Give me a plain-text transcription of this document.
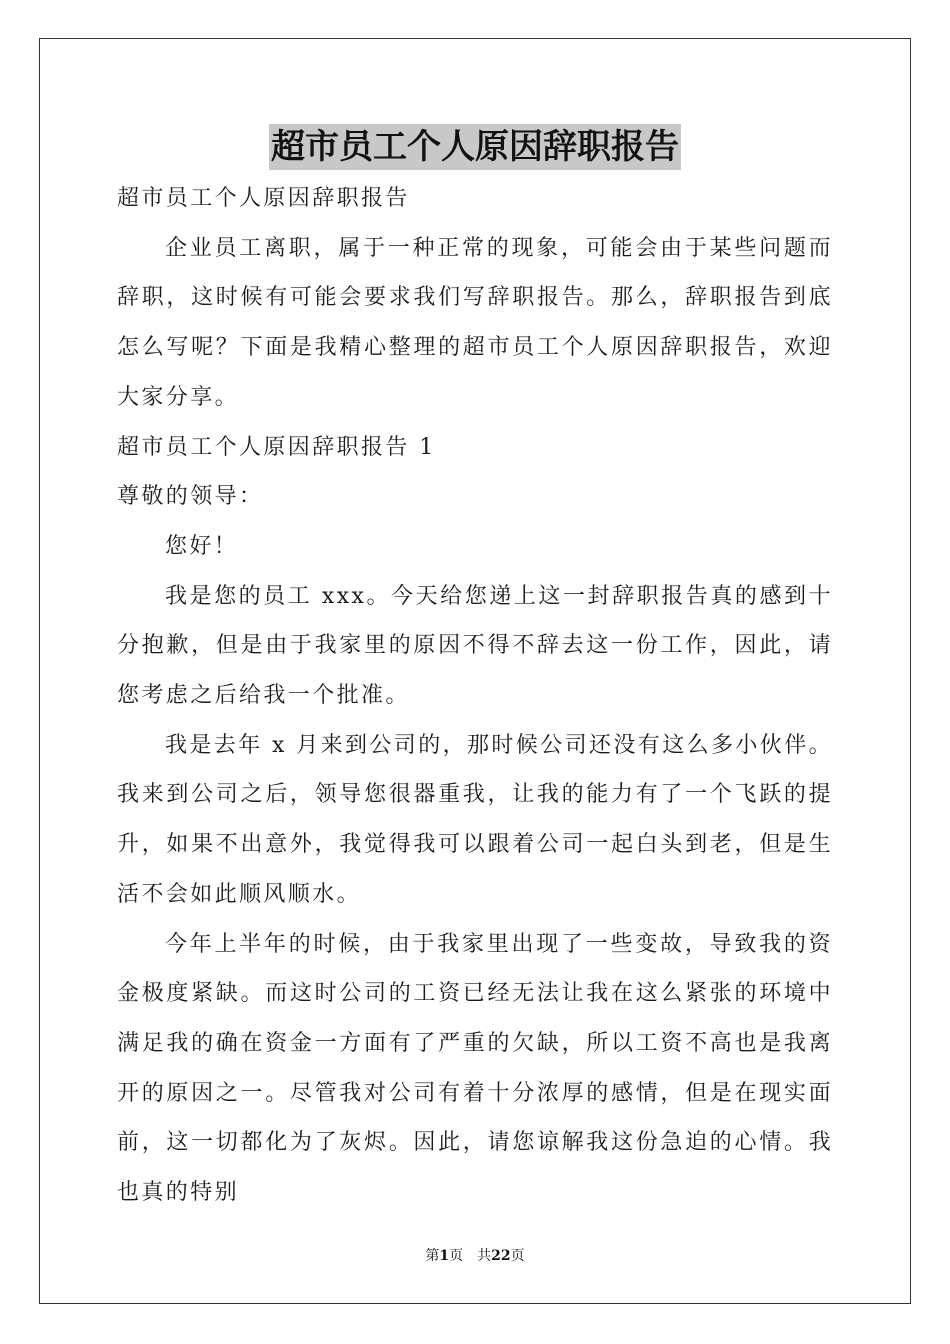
超市员工个人原因辞职报告

超市员工个人原因辞职报告

企业员工离职，属于一种正常的现象，可能会由于某些问题而辞职，这时候有可能会要求我们写辞职报告。那么，辞职报告到底怎么写呢？下面是我精心整理的超市员工个人原因辞职报告，欢迎大家分享。

超市员工个人原因辞职报告 1

尊敬的领导：

您好！

我是您的员工 xxx。今天给您递上这一封辞职报告真的感到十分抱歉，但是由于我家里的原因不得不辞去这一份工作，因此，请您考虑之后给我一个批准。

我是去年 x 月来到公司的，那时候公司还没有这么多小伙伴。我来到公司之后，领导您很器重我，让我的能力有了一个飞跃的提升，如果不出意外，我觉得我可以跟着公司一起白头到老，但是生活不会如此顺风顺水。

今年上半年的时候，由于我家里出现了一些变故，导致我的资金极度紧缺。而这时公司的工资已经无法让我在这么紧张的环境中满足我的确在资金一方面有了严重的欠缺，所以工资不高也是我离开的原因之一。尽管我对公司有着十分浓厚的感情，但是在现实面前，这一切都化为了灰烬。因此，请您谅解我这份急迫的心情。我也真的特别

第1页 共22页
